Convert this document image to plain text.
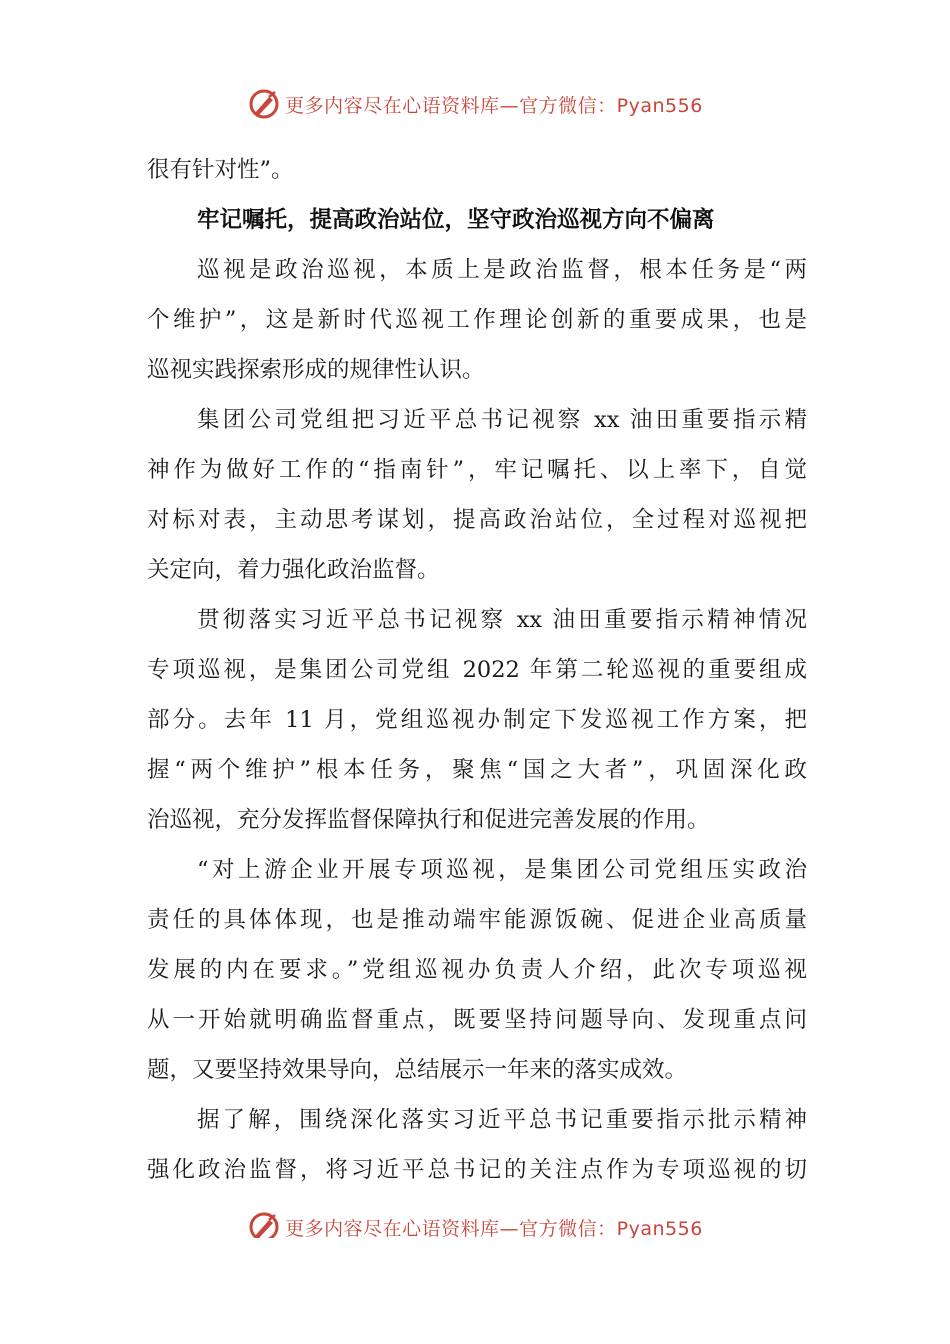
更多内容尽在心语资料库—官方微信：Pyan556
很有针对性”。
牢记嘱托，提高政治站位，坚守政治巡视方向不偏离
巡视是政治巡视，本质上是政治监督，根本任务是“两
个维护”，这是新时代巡视工作理论创新的重要成果，也是
巡视实践探索形成的规律性认识。
集团公司党组把习近平总书记视察 xx 油田重要指示精
神作为做好工作的“指南针”，牢记嘱托、以上率下，自觉
对标对表，主动思考谋划，提高政治站位，全过程对巡视把
关定向，着力强化政治监督。
贯彻落实习近平总书记视察 xx 油田重要指示精神情况
专项巡视，是集团公司党组 2022 年第二轮巡视的重要组成
部分。去年 11 月，党组巡视办制定下发巡视工作方案，把
握“两个维护”根本任务，聚焦“国之大者”，巩固深化政
治巡视，充分发挥监督保障执行和促进完善发展的作用。
“对上游企业开展专项巡视，是集团公司党组压实政治
责任的具体体现，也是推动端牢能源饭碗、促进企业高质量
发展的内在要求。”党组巡视办负责人介绍，此次专项巡视
从一开始就明确监督重点，既要坚持问题导向、发现重点问
题，又要坚持效果导向，总结展示一年来的落实成效。
据了解，围绕深化落实习近平总书记重要指示批示精神
强化政治监督，将习近平总书记的关注点作为专项巡视的切
更多内容尽在心语资料库—官方微信：Pyan556
